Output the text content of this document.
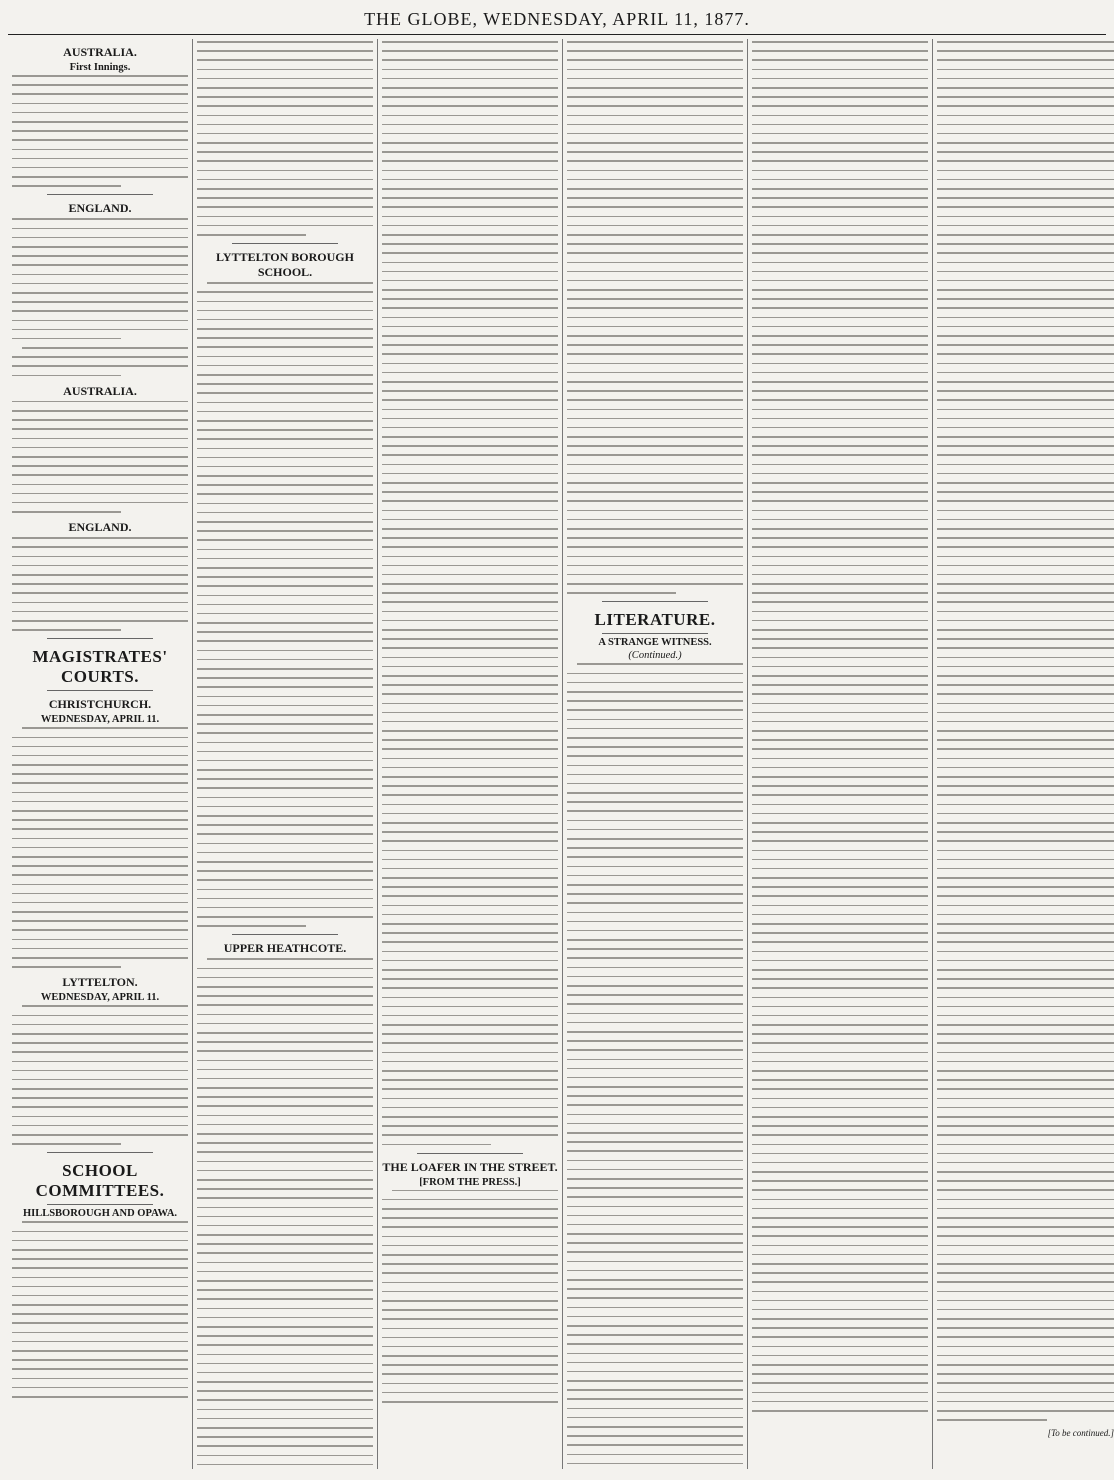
THE GLOBE, WEDNESDAY, APRIL 11, 1877.
AUSTRALIA.
First Innings.
ENGLAND.
AUSTRALIA.
ENGLAND.
MAGISTRATES' COURTS.
CHRISTCHURCH.
WEDNESDAY, APRIL 11.
LYTTELTON.
WEDNESDAY, APRIL 11.
SCHOOL COMMITTEES.
HILLSBOROUGH AND OPAWA.
LYTTELTON BOROUGH SCHOOL.
UPPER HEATHCOTE.
THE LOAFER IN THE STREET.
[FROM THE PRESS.]
LITERATURE.
A STRANGE WITNESS.
(Continued.)
[To be continued.]
